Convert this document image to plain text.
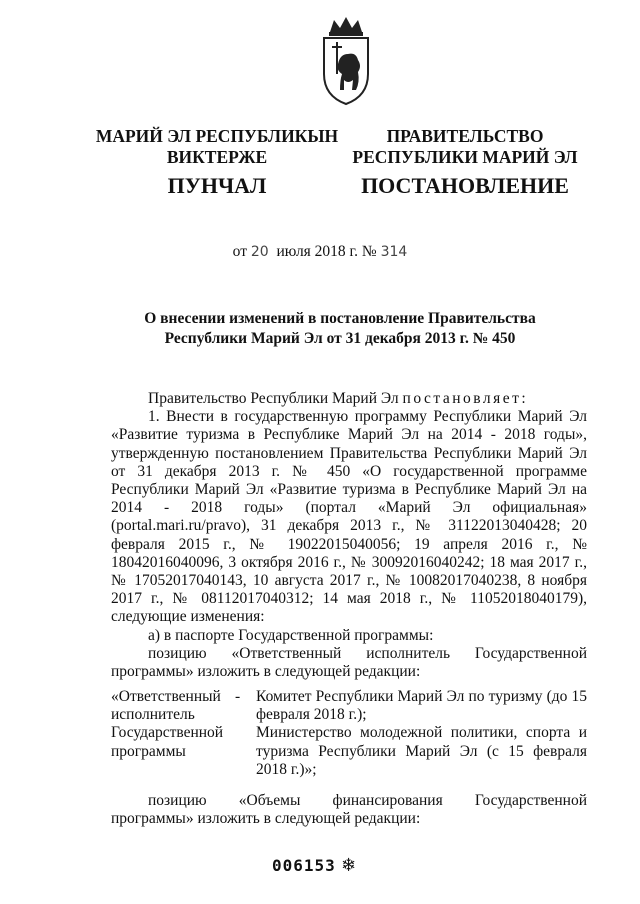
МАРИЙ ЭЛ РЕСПУБЛИКЫН
ВИКТЕРЖЕ
ПРАВИТЕЛЬСТВО
РЕСПУБЛИКИ МАРИЙ ЭЛ
ПУНЧАЛ	ПОСТАНОВЛЕНИЕ
от 20 июля 2018 г. № 314
О внесении изменений в постановление Правительства
Республики Марий Эл от 31 декабря 2013 г. № 450

Правительство Республики Марий Эл постановляет:

1. Внести в государственную программу Республики Марий Эл «Развитие туризма в Республике Марий Эл на 2014 - 2018 годы», утвержденную постановлением Правительства Республики Марий Эл от 31 декабря 2013 г. № 450 «О государственной программе Республики Марий Эл «Развитие туризма в Республике Марий Эл на 2014 - 2018 годы» (портал «Марий Эл официальная» (portal.mari.ru/pravo), 31 декабря 2013 г., № 31122013040428; 20 февраля 2015 г., № 19022015040056; 19 апреля 2016 г., № 18042016040096, 3 октября 2016 г., № 30092016040242; 18 мая 2017 г., № 17052017040143, 10 августа 2017 г., № 10082017040238, 8 ноября 2017 г., № 08112017040312; 14 мая 2018 г., № 11052018040179), следующие изменения:

а) в паспорте Государственной программы:

позицию «Ответственный исполнитель Государственной программы» изложить в следующей редакции:

«Ответственный
исполнитель
Государственной
программы
- Комитет Республики Марий Эл по туризму (до 15 февраля 2018 г.);

Министерство молодежной политики, спорта и туризма Республики Марий Эл (с 15 февраля 2018 г.)»;

позицию «Объемы финансирования Государственной программы» изложить в следующей редакции:

006153 ❄
